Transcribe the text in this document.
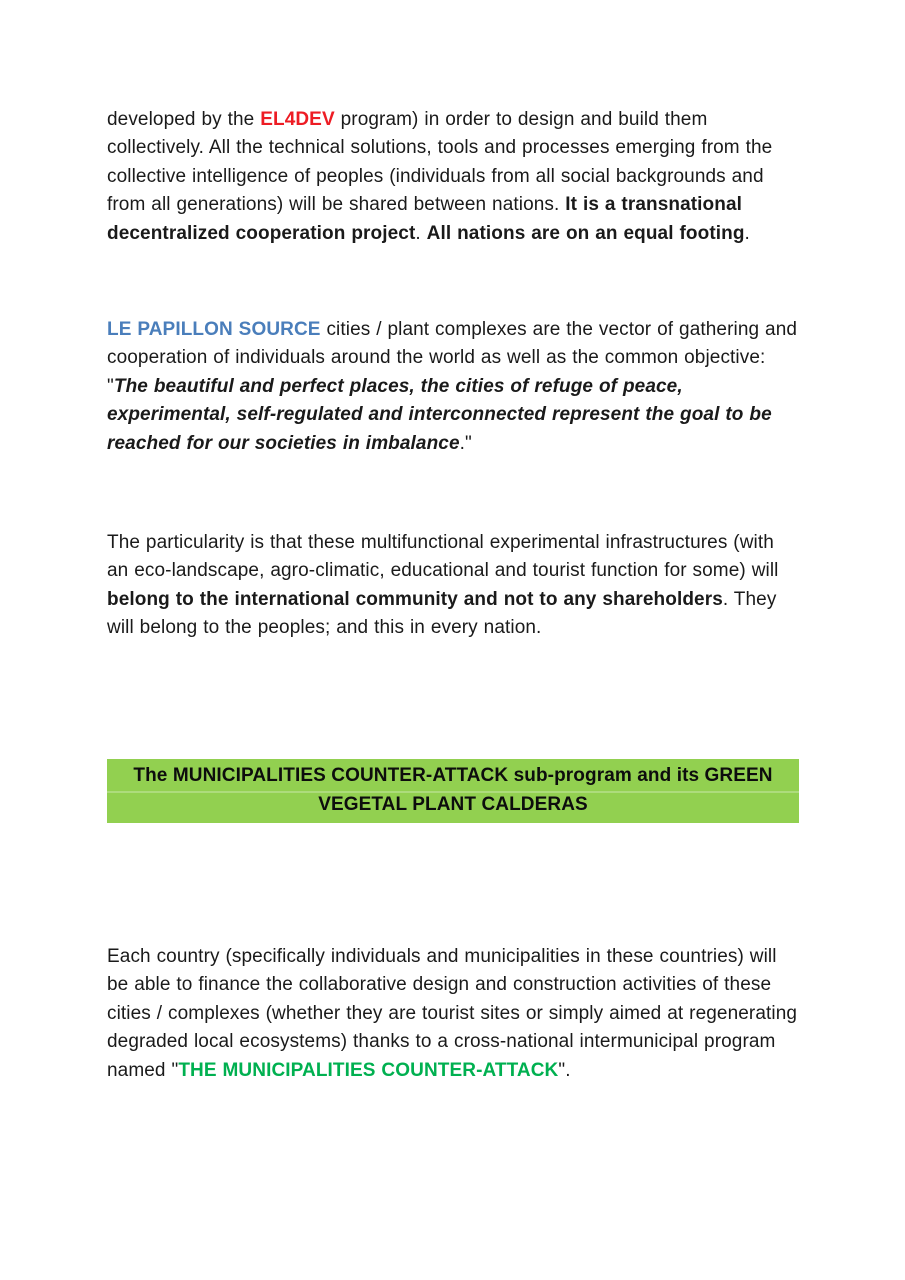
developed by the EL4DEV program) in order to design and build them collectively. All the technical solutions, tools and processes emerging from the collective intelligence of peoples (individuals from all social backgrounds and from all generations) will be shared between nations. It is a transnational decentralized cooperation project. All nations are on an equal footing.

LE PAPILLON SOURCE cities / plant complexes are the vector of gathering and cooperation of individuals around the world as well as the common objective: "The beautiful and perfect places, the cities of refuge of peace, experimental, self-regulated and interconnected represent the goal to be reached for our societies in imbalance."

The particularity is that these multifunctional experimental infrastructures (with an eco-landscape, agro-climatic, educational and tourist function for some) will belong to the international community and not to any shareholders. They will belong to the peoples; and this in every nation.

The MUNICIPALITIES COUNTER-ATTACK sub-program and its GREEN VEGETAL PLANT CALDERAS

Each country (specifically individuals and municipalities in these countries) will be able to finance the collaborative design and construction activities of these cities / complexes (whether they are tourist sites or simply aimed at regenerating degraded local ecosystems) thanks to a cross-national intermunicipal program named "THE MUNICIPALITIES COUNTER-ATTACK".
